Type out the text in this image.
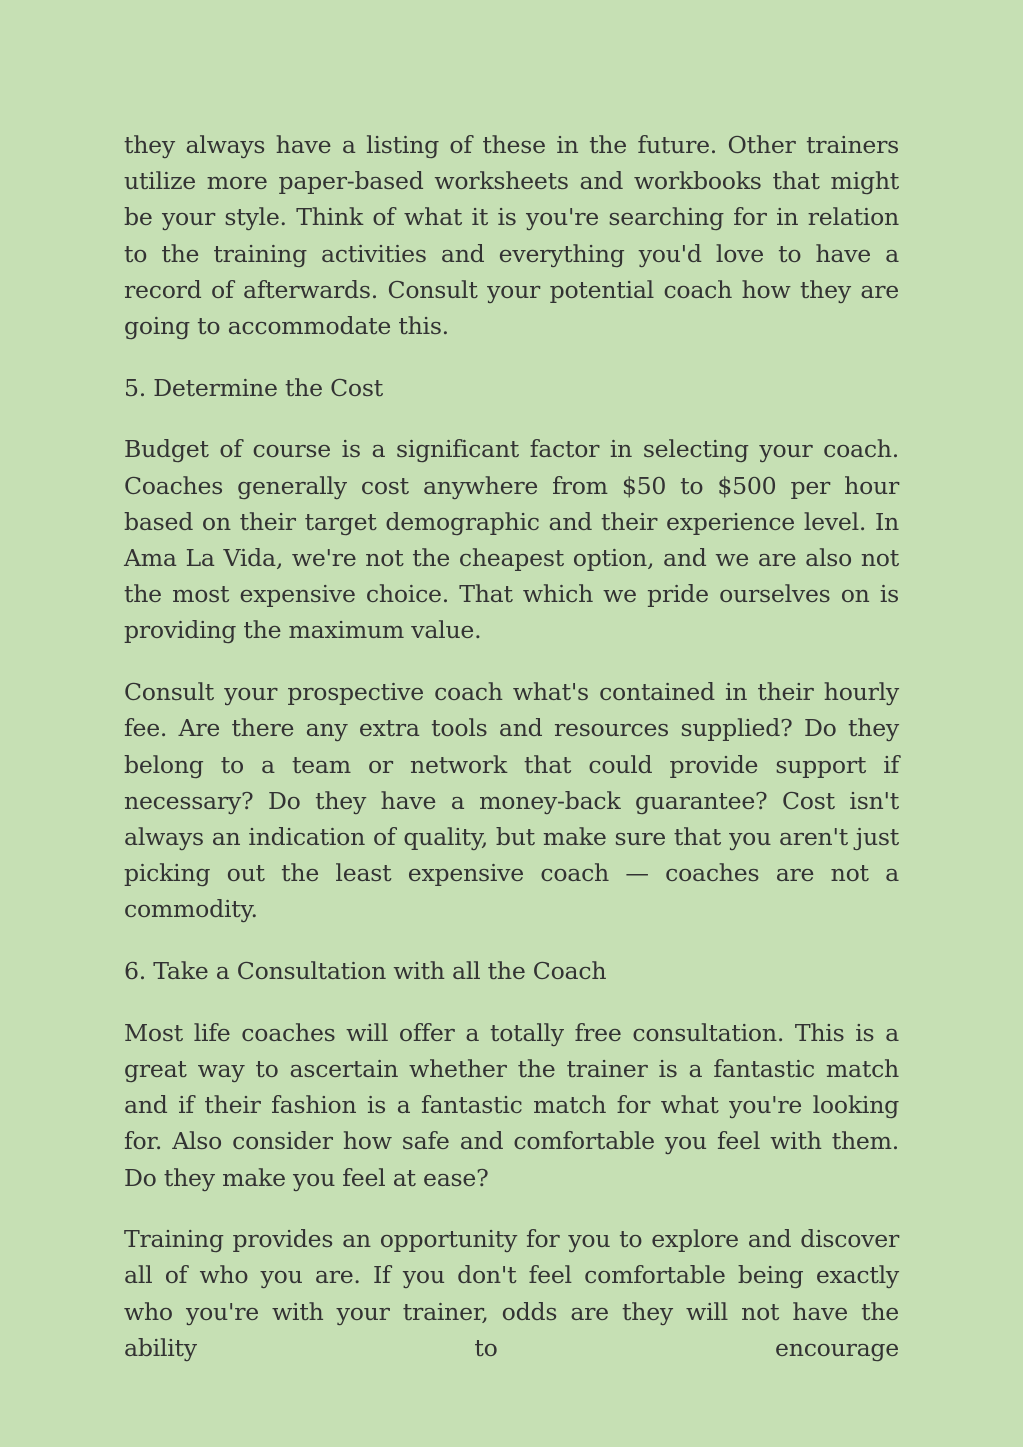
they always have a listing of these in the future. Other trainers utilize more paper-based worksheets and workbooks that might be your style. Think of what it is you're searching for in relation to the training activities and everything you'd love to have a record of afterwards. Consult your potential coach how they are going to accommodate this.

5. Determine the Cost

Budget of course is a significant factor in selecting your coach. Coaches generally cost anywhere from $50 to $500 per hour based on their target demographic and their experience level. In Ama La Vida, we're not the cheapest option, and we are also not the most expensive choice. That which we pride ourselves on is providing the maximum value.

Consult your prospective coach what's contained in their hourly fee. Are there any extra tools and resources supplied? Do they belong to a team or network that could provide support if necessary? Do they have a money-back guarantee? Cost isn't always an indication of quality, but make sure that you aren't just picking out the least expensive coach — coaches are not a commodity.

6. Take a Consultation with all the Coach

Most life coaches will offer a totally free consultation. This is a great way to ascertain whether the trainer is a fantastic match and if their fashion is a fantastic match for what you're looking for. Also consider how safe and comfortable you feel with them. Do they make you feel at ease?

Training provides an opportunity for you to explore and discover all of who you are. If you don't feel comfortable being exactly who you're with your trainer, odds are they will not have the ability to encourage
